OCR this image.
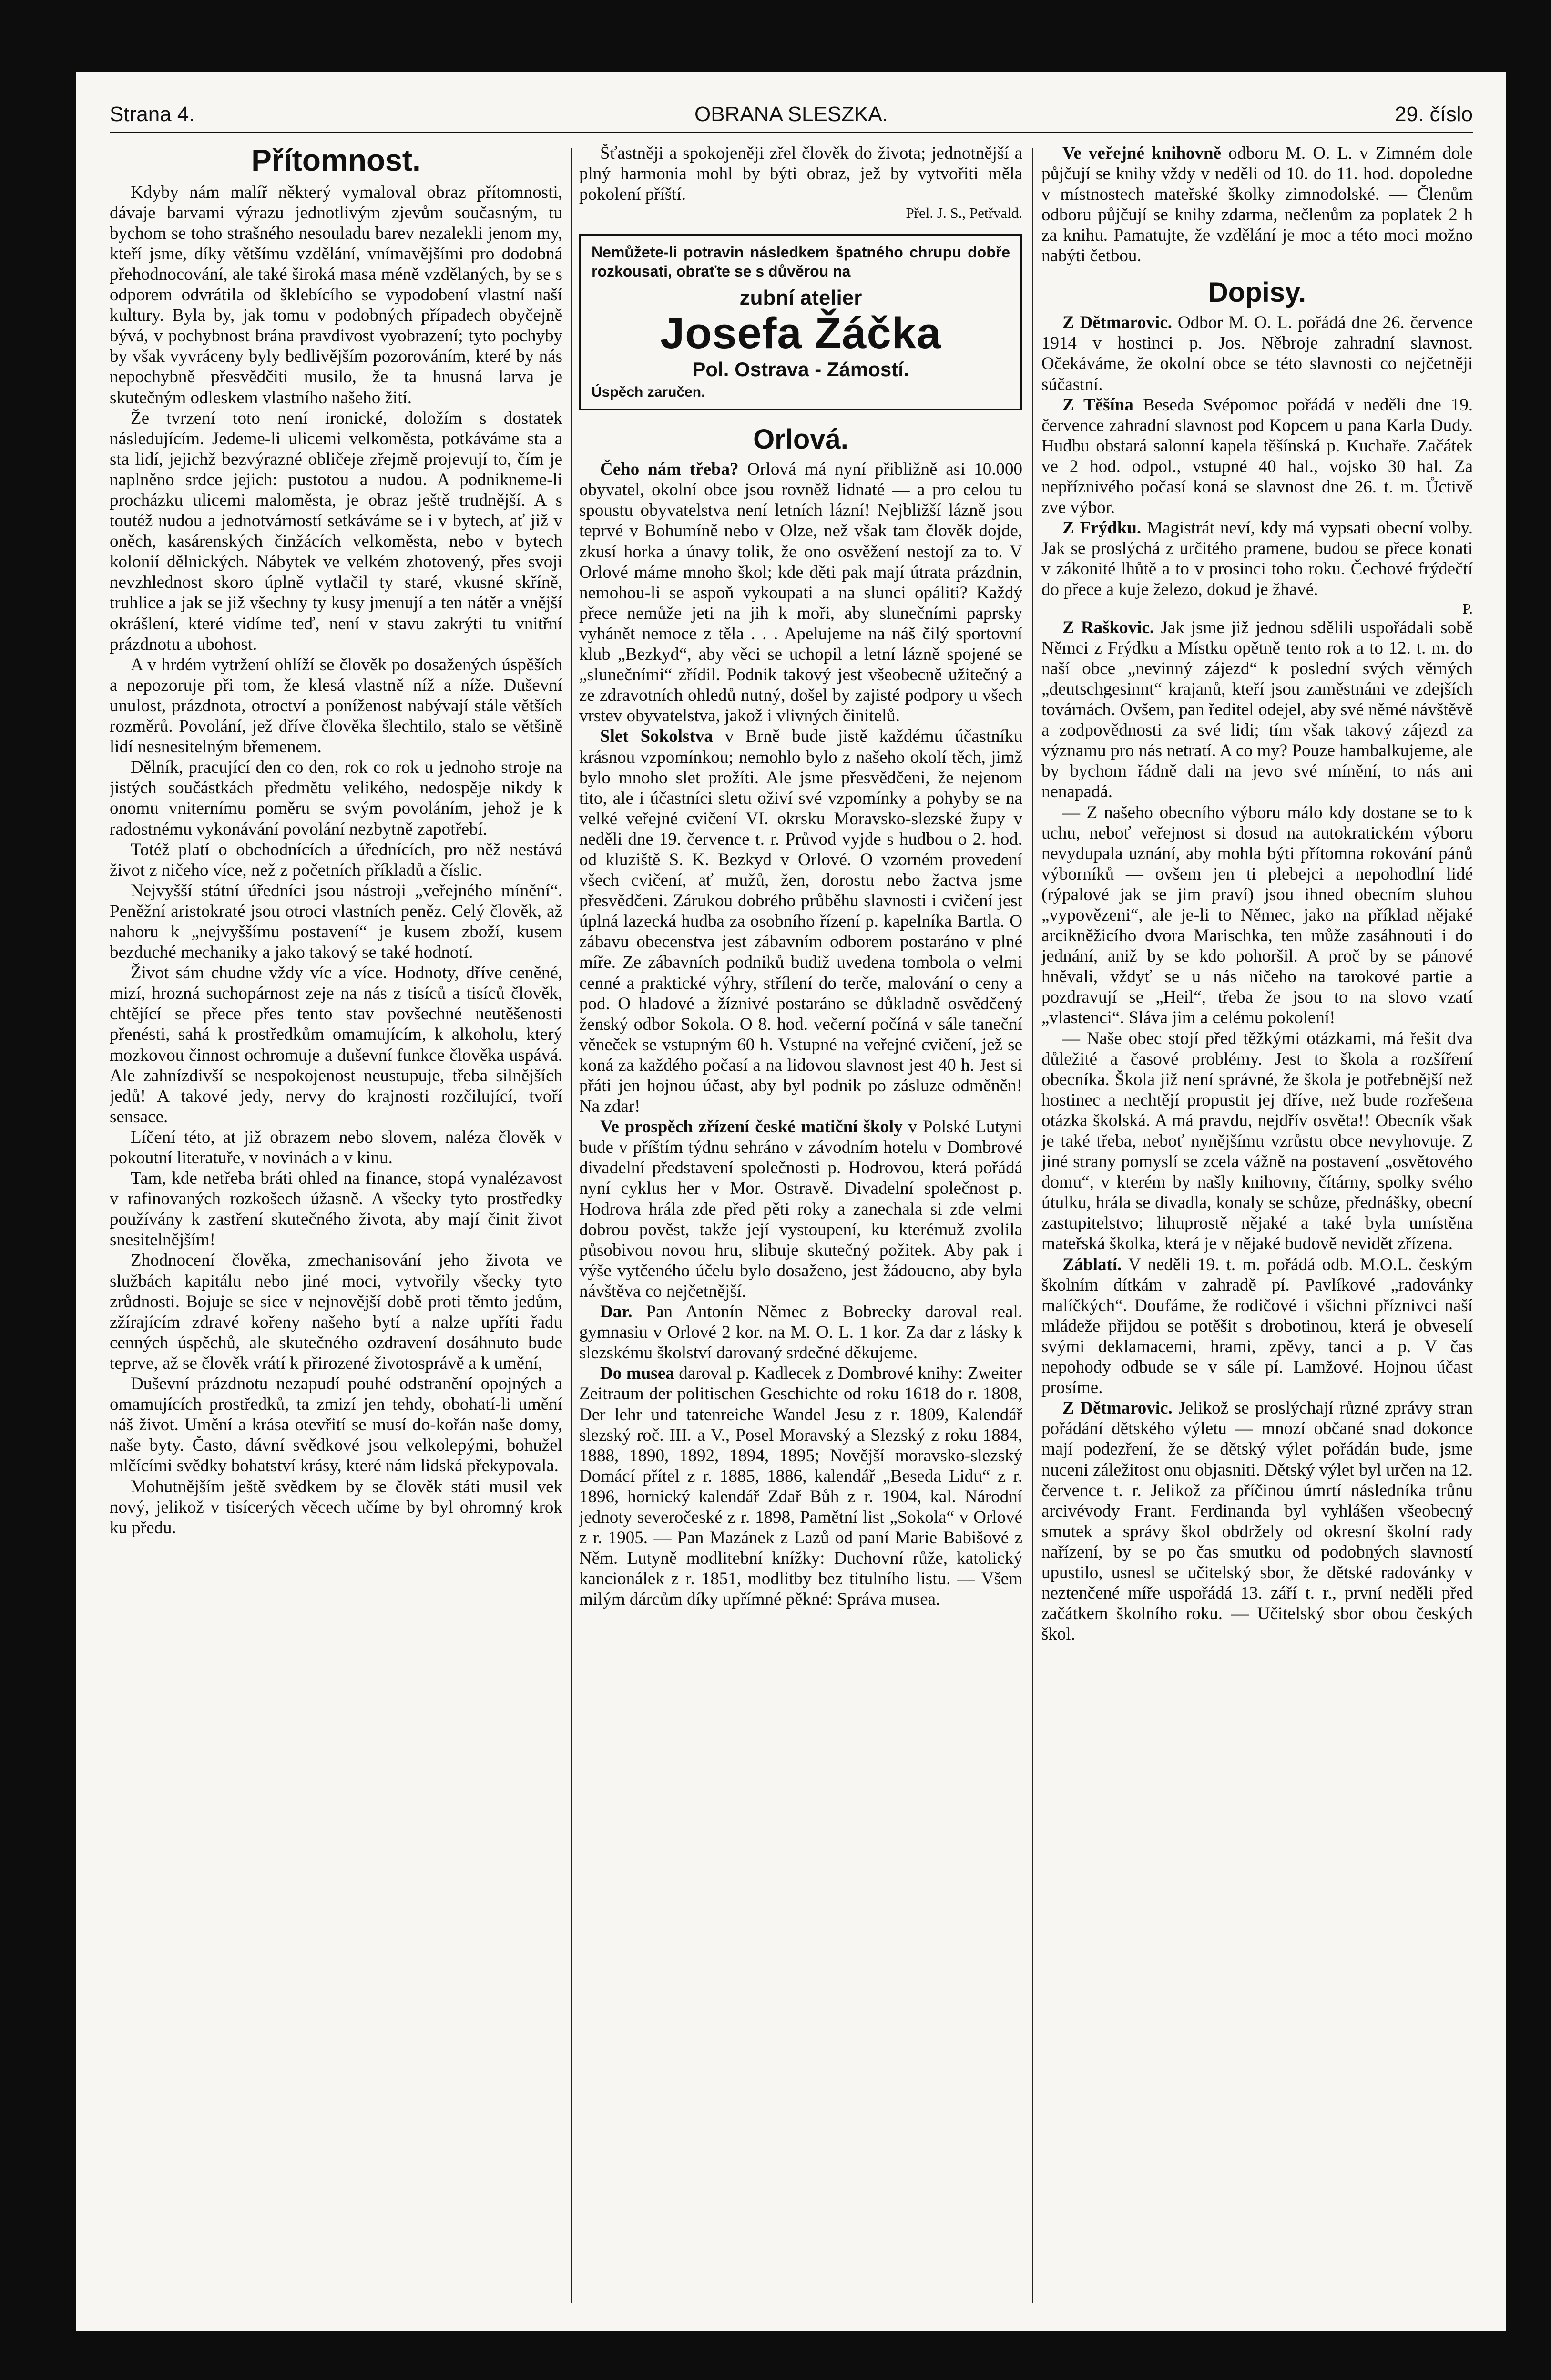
Strana 4.	OBRANA SLESZKA.	29. číslo
Přítomnost.

Kdyby nám malíř některý vymaloval obraz přítomnosti, dávaje barvami výrazu jednotlivým zjevům současným, tu bychom se toho strašného nesouladu barev nezalekli jenom my, kteří jsme, díky většímu vzdělání, vnímavějšími pro dodobná přehodnocování, ale také široká masa méně vzdělaných, by se s odporem odvrátila od šklebícího se vypodobení vlastní naší kultury. Byla by, jak tomu v podobných případech obyčejně bývá, v pochybnost brána pravdivost vyobrazení; tyto pochyby by však vyvráceny byly bedlivějším pozorováním, které by nás nepochybně přesvědčiti musilo, že ta hnusná larva je skutečným odleskem vlastního našeho žití.

Že tvrzení toto není ironické, doložím s dostatek následujícím. Jedeme-li ulicemi velkoměsta, potkáváme sta a sta lidí, jejichž bezvýrazné obličeje zřejmě projevují to, čím je naplněno srdce jejich: pustotou a nudou. A podnikneme-li procházku ulicemi maloměsta, je obraz ještě trudnější. A s toutéž nudou a jednotvárností setkáváme se i v bytech, ať již v oněch, kasárenských činžácích velkoměsta, nebo v bytech kolonií dělnických. Nábytek ve velkém zhotovený, přes svoji nevzhlednost skoro úplně vytlačil ty staré, vkusné skříně, truhlice a jak se již všechny ty kusy jmenují a ten nátěr a vnější okrášlení, které vidíme teď, není v stavu zakrýti tu vnitřní prázdnotu a ubohost.

A v hrdém vytržení ohlíží se člověk po dosažených úspěších a nepozoruje při tom, že klesá vlastně níž a níže. Duševní unulost, prázdnota, otroctví a poníženost nabývají stále větších rozměrů. Povolání, jež dříve člověka šlechtilo, stalo se většině lidí nesnesitelným břemenem.

Dělník, pracující den co den, rok co rok u jednoho stroje na jistých součástkách předmětu velikého, nedospěje nikdy k onomu vniternímu poměru se svým povoláním, jehož je k radostnému vykonávání povolání nezbytně zapotřebí.

Totéž platí o obchodnících a úřednících, pro něž nestává život z ničeho více, než z početních příkladů a číslic.

Nejvyšší státní úředníci jsou nástroji „veřejného mínění“. Peněžní aristokraté jsou otroci vlastních peněz. Celý člověk, až nahoru k „nejvyššímu postavení“ je kusem zboží, kusem bezduché mechaniky a jako takový se také hodnotí.

Život sám chudne vždy víc a více. Hodnoty, dříve ceněné, mizí, hrozná suchopárnost zeje na nás z tisíců a tisíců člověk, chtějící se přece přes tento stav povšechné neutěšenosti přenésti, sahá k prostředkům omamujícím, k alkoholu, který mozkovou činnost ochromuje a duševní funkce člověka uspává. Ale zahnízdivší se nespokojenost neustupuje, třeba silnějších jedů! A takové jedy, nervy do krajnosti rozčilující, tvoří sensace.

Líčení této, at již obrazem nebo slovem, naléza člověk v pokoutní literatuře, v novinách a v kinu.

Tam, kde netřeba bráti ohled na finance, stopá vynalézavost v rafinovaných rozkošech úžasně. A všecky tyto prostředky používány k zastření skutečného života, aby mají činit život snesitelnějším!

Zhodnocení člověka, zmechanisování jeho života ve službách kapitálu nebo jiné moci, vytvořily všecky tyto zrůdnosti. Bojuje se sice v nejnovější době proti těmto jedům, zžírajícím zdravé kořeny našeho bytí a nalze upříti řadu cenných úspěchů, ale skutečného ozdravení dosáhnuto bude teprve, až se člověk vrátí k přirozené životosprávě a k umění,

Duševní prázdnotu nezapudí pouhé odstranění opojných a omamujících prostředků, ta zmizí jen tehdy, obohatí-li umění náš život. Umění a krása otevřití se musí do-kořán naše domy, naše byty. Často, dávní svědkové jsou velkolepými, bohužel mlčícími svědky bohatství krásy, které nám lidská překypovala.

Mohutnějším ještě svědkem by se člověk státi musil vek nový, jelikož v tisícerých věcech učíme by byl ohromný krok ku předu.

Šťastněji a spokojeněji zřel člověk do života; jednotnější a plný harmonia mohl by býti obraz, jež by vytvořiti měla pokolení příští.

Přel. J. S., Petřvald.

Nemůžete-li potravin následkem špatného chrupu dobře rozkousati, obraťte se s důvěrou na
zubní atelier
Josefa Žáčka
Pol. Ostrava - Zámostí.
Úspěch zaručen.
Orlová.

Čeho nám třeba? Orlová má nyní přibližně asi 10.000 obyvatel, okolní obce jsou rovněž lidnaté — a pro celou tu spoustu obyvatelstva není letních lázní! Nejbližší lázně jsou teprvé v Bohumíně nebo v Olze, než však tam člověk dojde, zkusí horka a únavy tolik, že ono osvěžení nestojí za to. V Orlové máme mnoho škol; kde děti pak mají útrata prázdnin, nemohou-li se aspoň vykoupati a na slunci opáliti? Každý přece nemůže jeti na jih k moři, aby slunečními paprsky vyhánět nemoce z těla . . . Apelujeme na náš čilý sportovní klub „Bezkyd“, aby věci se uchopil a letní lázně spojené se „slunečními“ zřídil. Podnik takový jest všeobecně užitečný a ze zdravotních ohledů nutný, došel by zajisté podpory u všech vrstev obyvatelstva, jakož i vlivných činitelů.

Slet Sokolstva v Brně bude jistě každému účastníku krásnou vzpomínkou; nemohlo bylo z našeho okolí těch, jimž bylo mnoho slet prožíti. Ale jsme přesvědčeni, že nejenom tito, ale i účastníci sletu oživí své vzpomínky a pohyby se na velké veřejné cvičení VI. okrsku Moravsko-slezské župy v neděli dne 19. července t. r. Průvod vyjde s hudbou o 2. hod. od kluziště S. K. Bezkyd v Orlové. O vzorném provedení všech cvičení, ať mužů, žen, dorostu nebo žactva jsme přesvědčeni. Zárukou dobrého průběhu slavnosti i cvičení jest úplná lazecká hudba za osobního řízení p. kapelníka Bartla. O zábavu obecenstva jest zábavním odborem postaráno v plné míře. Ze zábavních podniků budiž uvedena tombola o velmi cenné a praktické výhry, střílení do terče, malování o ceny a pod. O hladové a žíznivé postaráno se důkladně osvědčený ženský odbor Sokola. O 8. hod. večerní počíná v sále taneční věneček se vstupným 60 h. Vstupné na veřejné cvičení, jež se koná za každého počasí a na lidovou slavnost jest 40 h. Jest si přáti jen hojnou účast, aby byl podnik po zásluze odměněn! Na zdar!

Ve prospěch zřízení české matiční školy v Polské Lutyni bude v příštím týdnu sehráno v závodním hotelu v Dombrové divadelní představení společnosti p. Hodrovou, která pořádá nyní cyklus her v Mor. Ostravě. Divadelní společnost p. Hodrova hrála zde před pěti roky a zanechala si zde velmi dobrou pověst, takže její vystoupení, ku kterémuž zvolila působivou novou hru, slibuje skutečný požitek. Aby pak i výše vytčeného účelu bylo dosaženo, jest žádoucno, aby byla návštěva co nejčetnější.

Dar. Pan Antonín Němec z Bobrecky daroval real. gymnasiu v Orlové 2 kor. na M. O. L. 1 kor. Za dar z lásky k slezskému školství darovaný srdečné děkujeme.

Do musea daroval p. Kadlecek z Dombrové knihy: Zweiter Zeitraum der politischen Geschichte od roku 1618 do r. 1808, Der lehr und tatenreiche Wandel Jesu z r. 1809, Kalendář slezský roč. III. a V., Posel Moravský a Slezský z roku 1884, 1888, 1890, 1892, 1894, 1895; Novější moravsko-slezský Domácí přítel z r. 1885, 1886, kalendář „Beseda Lidu“ z r. 1896, hornický kalendář Zdař Bůh z r. 1904, kal. Národní jednoty severočeské z r. 1898, Pamětní list „Sokola“ v Orlové z r. 1905. — Pan Mazánek z Lazů od paní Marie Babišové z Něm. Lutyně modlitební knížky: Duchovní růže, katolický kancionálek z r. 1851, modlitby bez titulního listu. — Všem milým dárcům díky upřímné pěkné: Správa musea.

Ve veřejné knihovně odboru M. O. L. v Zimném dole půjčují se knihy vždy v neděli od 10. do 11. hod. dopoledne v místnostech mateřské školky zimnodolské. — Členům odboru půjčují se knihy zdarma, nečlenům za poplatek 2 h za knihu. Pamatujte, že vzdělání je moc a této moci možno nabýti četbou.

Dopisy.

Z Dětmarovic. Odbor M. O. L. pořádá dne 26. července 1914 v hostinci p. Jos. Něbroje zahradní slavnost. Očekáváme, že okolní obce se této slavnosti co nejčetněji súčastní.

Z Těšína Beseda Svépomoc pořádá v neděli dne 19. července zahradní slavnost pod Kopcem u pana Karla Dudy. Hudbu obstará salonní kapela těšínská p. Kuchaře. Začátek ve 2 hod. odpol., vstupné 40 hal., vojsko 30 hal. Za nepříznivého počasí koná se slavnost dne 26. t. m. Ůctivě zve výbor.

Z Frýdku. Magistrát neví, kdy má vypsati obecní volby. Jak se proslýchá z určitého pramene, budou se přece konati v zákonité lhůtě a to v prosinci toho roku. Čechové frýdečtí do přece a kuje železo, dokud je žhavé.

P.

Z Raškovic. Jak jsme již jednou sdělili uspořádali sobě Němci z Frýdku a Místku opětně tento rok a to 12. t. m. do naší obce „nevinný zájezd“ k poslední svých věrných „deutschgesinnt“ krajanů, kteří jsou zaměstnáni ve zdejších továrnách. Ovšem, pan ředitel odejel, aby své němé návštěvě a zodpovědnosti za své lidi; tím však takový zájezd za významu pro nás netratí. A co my? Pouze hambalkujeme, ale by bychom řádně dali na jevo své mínění, to nás ani nenapadá.

— Z našeho obecního výboru málo kdy dostane se to k uchu, neboť veřejnost si dosud na autokratickém výboru nevydupala uznání, aby mohla býti přítomna rokování pánů výborníků — ovšem jen ti plebejci a nepohodlní lidé (rýpalové jak se jim praví) jsou ihned obecním sluhou „vypovězeni“, ale je-li to Němec, jako na příklad nějaké arcikněžicího dvora Marischka, ten může zasáhnouti i do jednání, aniž by se kdo pohoršil. A proč by se pánové hněvali, vždyť se u nás ničeho na tarokové partie a pozdravují se „Heil“, třeba že jsou to na slovo vzatí „vlastenci“. Sláva jim a celému pokolení!

— Naše obec stojí před těžkými otázkami, má řešit dva důležité a časové problémy. Jest to škola a rozšíření obecníka. Škola již není správné, že škola je potřebnější než hostinec a nechtějí propustit jej dříve, než bude rozřešena otázka školská. A má pravdu, nejdřív osvěta!! Obecník však je také třeba, neboť nynějšímu vzrůstu obce nevyhovuje. Z jiné strany pomyslí se zcela vážně na postavení „osvětového domu“, v kterém by našly knihovny, čítárny, spolky svého útulku, hrála se divadla, konaly se schůze, přednášky, obecní zastupitelstvo; lihuprostě nějaké a také byla umístěna mateřská školka, která je v nějaké budově nevidět zřízena.

Záblatí. V neděli 19. t. m. pořádá odb. M.O.L. českým školním dítkám v zahradě pí. Pavlíkové „radovánky malíčkých“. Doufáme, že rodičové i všichni příznivci naší mládeže přijdou se potěšit s drobotinou, která je obveselí svými deklamacemi, hrami, zpěvy, tanci a p. V čas nepohody odbude se v sále pí. Lamžové. Hojnou účast prosíme.

Z Dětmarovic. Jelikož se proslýchají různé zprávy stran pořádání dětského výletu — mnozí občané snad dokonce mají podezření, že se dětský výlet pořádán bude, jsme nuceni záležitost onu objasniti. Dětský výlet byl určen na 12. července t. r. Jelikož za příčinou úmrtí následníka trůnu arcivévody Frant. Ferdinanda byl vyhlášen všeobecný smutek a správy škol obdržely od okresní školní rady nařízení, by se po čas smutku od podobných slavností upustilo, usnesl se učitelský sbor, že dětské radovánky v neztenčené míře uspořádá 13. září t. r., první neděli před začátkem školního roku. — Učitelský sbor obou českých škol.
